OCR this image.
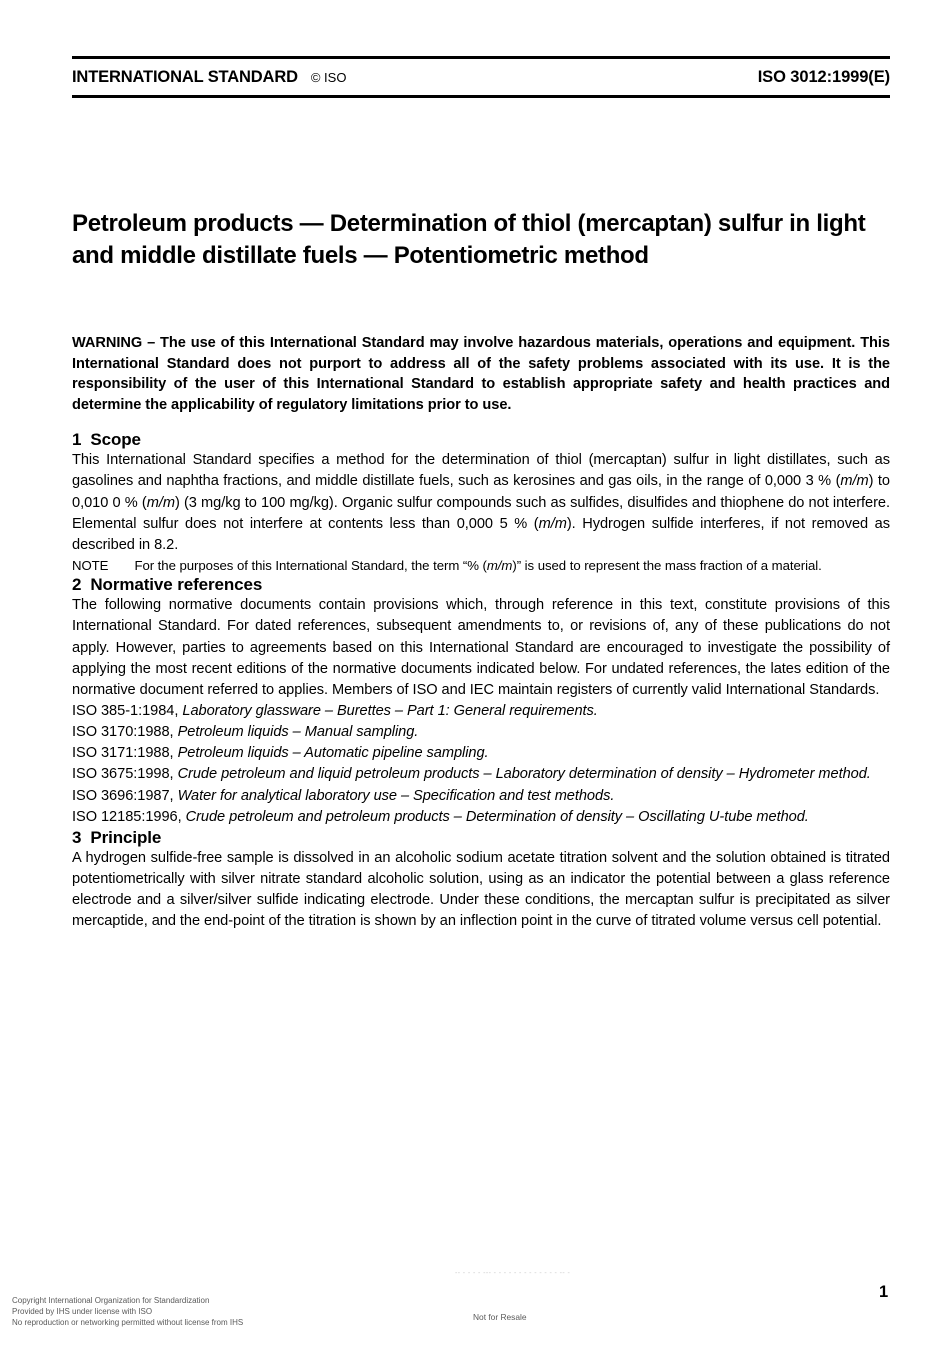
INTERNATIONAL STANDARD © ISO	ISO 3012:1999(E)
Petroleum products — Determination of thiol (mercaptan) sulfur in light and middle distillate fuels — Potentiometric method

WARNING – The use of this International Standard may involve hazardous materials, operations and equipment. This International Standard does not purport to address all of the safety problems associated with its use. It is the responsibility of the user of this International Standard to establish appropriate safety and health practices and determine the applicability of regulatory limitations prior to use.

1 Scope

This International Standard specifies a method for the determination of thiol (mercaptan) sulfur in light distillates, such as gasolines and naphtha fractions, and middle distillate fuels, such as kerosines and gas oils, in the range of 0,000 3 % (m/m) to 0,010 0 % (m/m) (3 mg/kg to 100 mg/kg). Organic sulfur compounds such as sulfides, disulfides and thiophene do not interfere. Elemental sulfur does not interfere at contents less than 0,000 5 % (m/m). Hydrogen sulfide interferes, if not removed as described in 8.2.

NOTE For the purposes of this International Standard, the term “% (m/m)” is used to represent the mass fraction of a material.

2 Normative references

The following normative documents contain provisions which, through reference in this text, constitute provisions of this International Standard. For dated references, subsequent amendments to, or revisions of, any of these publications do not apply. However, parties to agreements based on this International Standard are encouraged to investigate the possibility of applying the most recent editions of the normative documents indicated below. For undated references, the lates edition of the normative document referred to applies. Members of ISO and IEC maintain registers of currently valid International Standards.

ISO 385-1:1984, Laboratory glassware – Burettes – Part 1: General requirements.

ISO 3170:1988, Petroleum liquids – Manual sampling.

ISO 3171:1988, Petroleum liquids – Automatic pipeline sampling.

ISO 3675:1998, Crude petroleum and liquid petroleum products – Laboratory determination of density – Hydrometer method.

ISO 3696:1987, Water for analytical laboratory use – Specification and test methods.

ISO 12185:1996, Crude petroleum and petroleum products – Determination of density – Oscillating U-tube method.

3 Principle

A hydrogen sulfide-free sample is dissolved in an alcoholic sodium acetate titration solvent and the solution obtained is titrated potentiometrically with silver nitrate standard alcoholic solution, using as an indicator the potential between a glass reference electrode and a silver/silver sulfide indicating electrode. Under these conditions, the mercaptan sulfur is precipitated as silver mercaptide, and the end-point of the titration is shown by an inflection point in the curve of titrated volume versus cell potential.

-- - - - - --- - - - - - - - - - - - - - -- -
Copyright International Organization for Standardization
Provided by IHS under license with ISO
No reproduction or networking permitted without license from IHS
Not for Resale
1
